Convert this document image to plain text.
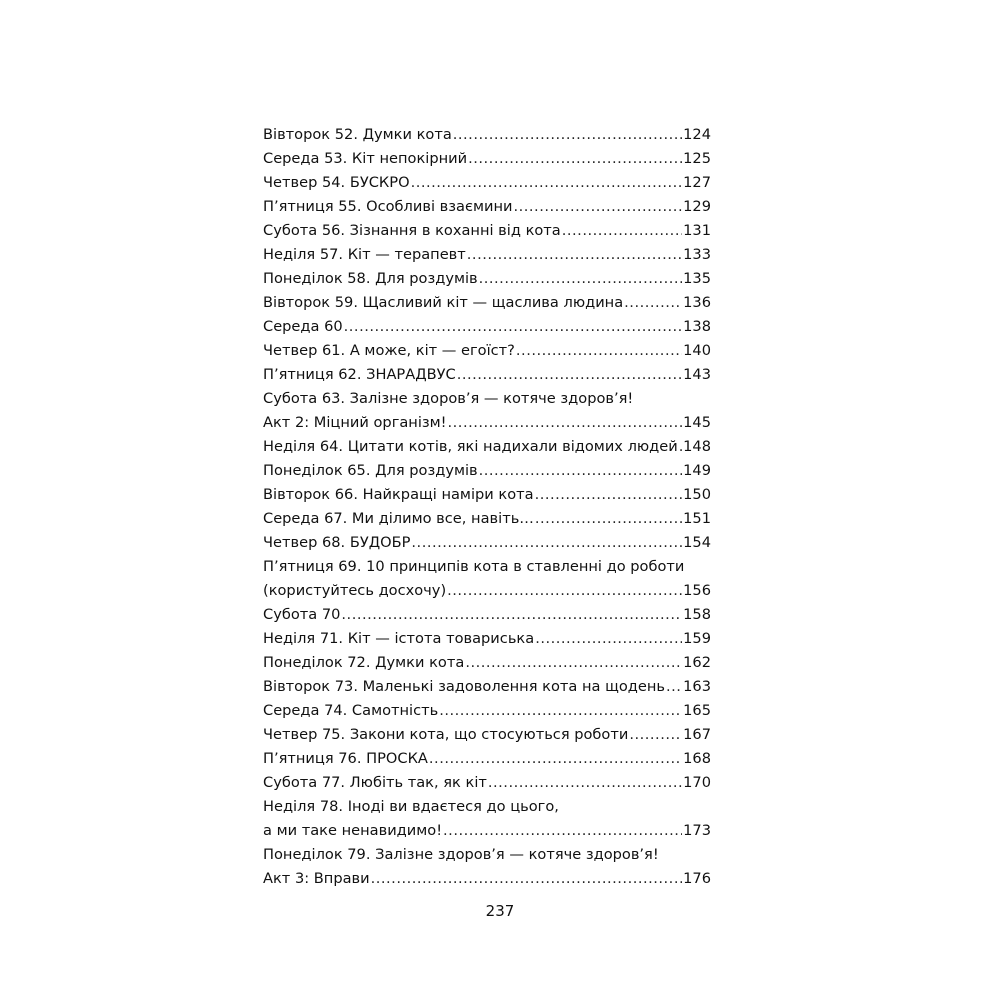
Вівторок 52. Думки кота .....	124
Середа 53. Кіт непокірний .....	125
Четвер 54. БУСКРО .....	127
П’ятниця 55. Особливі взаємини .....	129
Субота 56. Зізнання в коханні від кота .....	131
Неділя 57. Кіт — терапевт .....	133
Понеділок 58. Для роздумів .....	135
Вівторок 59. Щасливий кіт — щаслива людина .....	136
Середа 60 .....	138
Четвер 61. А може, кіт — егоїст? .....	140
П’ятниця 62. ЗНАРАДВУС .....	143
Субота 63. Залізне здоров’я — котяче здоров’я!
Акт 2: Міцний організм! .....	145
Неділя 64. Цитати котів, які надихали відомих людей ..... 148
Понеділок 65. Для роздумів .....	149
Вівторок 66. Найкращі наміри кота .....	150
Середа 67. Ми ділимо все, навіть… .....	151
Четвер 68. БУДОБР .....	154
П’ятниця 69. 10 принципів кота в ставленні до роботи
(користуйтесь досхочу) .....	156
Субота 70 .....	158
Неділя 71. Кіт — істота товариська .....	159
Понеділок 72. Думки кота .....	162
Вівторок 73. Маленькі задоволення кота на щодень ..... 163
Середа 74. Самотність .....	165
Четвер 75. Закони кота, що стосуються роботи .....	167
П’ятниця 76. ПРОСКА .....	168
Субота 77. Любіть так, як кіт .....	170
Неділя 78. Іноді ви вдаєтеся до цього,
а ми таке ненавидимо! .....	173
Понеділок 79. Залізне здоров’я — котяче здоров’я!
Акт 3: Вправи .....	176
237
